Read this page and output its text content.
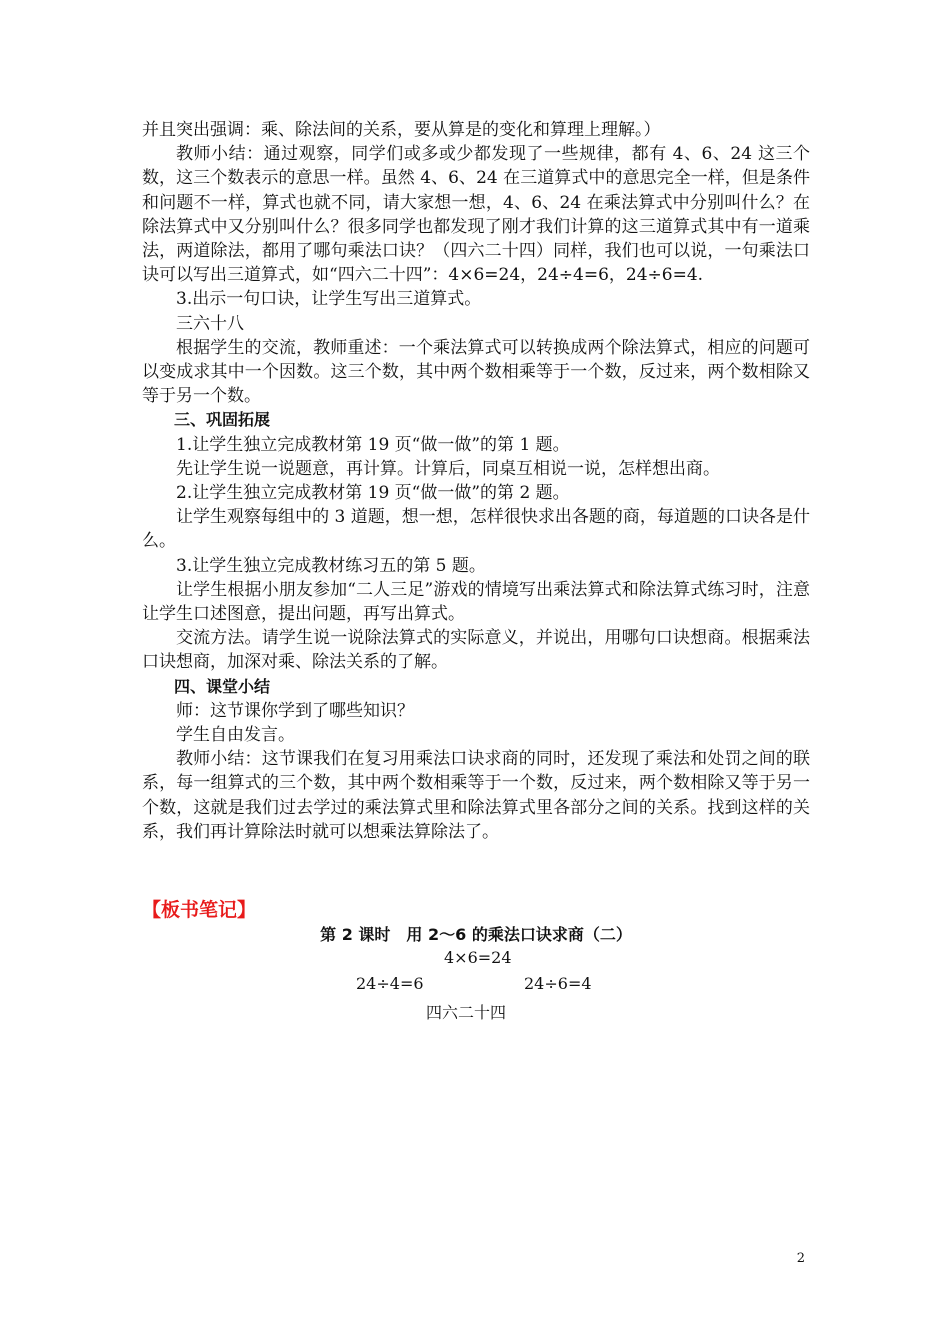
并且突出强调：乘、除法间的关系，要从算是的变化和算理上理解。）

教师小结：通过观察，同学们或多或少都发现了一些规律，都有 4、6、24 这三个数，这三个数表示的意思一样。虽然 4、6、24 在三道算式中的意思完全一样，但是条件和问题不一样，算式也就不同，请大家想一想，4、6、24 在乘法算式中分别叫什么？在除法算式中又分别叫什么？很多同学也都发现了刚才我们计算的这三道算式其中有一道乘法，两道除法，都用了哪句乘法口诀？（四六二十四）同样，我们也可以说，一句乘法口诀可以写出三道算式，如“四六二十四”：4×6=24，24÷4=6，24÷6=4.

3.出示一句口诀，让学生写出三道算式。

三六十八

根据学生的交流，教师重述：一个乘法算式可以转换成两个除法算式，相应的问题可以变成求其中一个因数。这三个数，其中两个数相乘等于一个数，反过来，两个数相除又等于另一个数。

三、巩固拓展

1.让学生独立完成教材第 19 页“做一做”的第 1 题。

先让学生说一说题意，再计算。计算后，同桌互相说一说，怎样想出商。

2.让学生独立完成教材第 19 页“做一做”的第 2 题。

让学生观察每组中的 3 道题，想一想，怎样很快求出各题的商，每道题的口诀各是什么。

3.让学生独立完成教材练习五的第 5 题。

让学生根据小朋友参加“二人三足”游戏的情境写出乘法算式和除法算式练习时，注意让学生口述图意，提出问题，再写出算式。

交流方法。请学生说一说除法算式的实际意义，并说出，用哪句口诀想商。根据乘法口诀想商，加深对乘、除法关系的了解。

四、课堂小结

师：这节课你学到了哪些知识？

学生自由发言。

教师小结：这节课我们在复习用乘法口诀求商的同时，还发现了乘法和处罚之间的联系，每一组算式的三个数，其中两个数相乘等于一个数，反过来，两个数相除又等于另一个数，这就是我们过去学过的乘法算式里和除法算式里各部分之间的关系。找到这样的关系，我们再计算除法时就可以想乘法算除法了。

【板书笔记】

第 2 课时　用 2～6 的乘法口诀求商（二）

4×6=24

24÷4=6	24÷6=4

四六二十四

2
